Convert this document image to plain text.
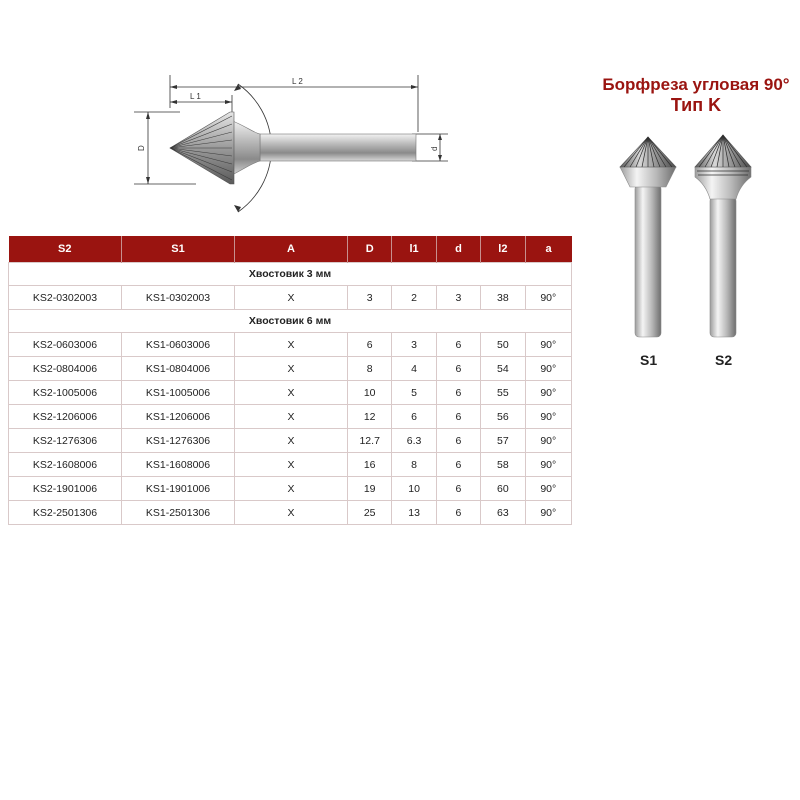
L 2
L 1
D	d
Борфреза угловая 90°
Тип K
S1	S2
S2	S1	A	D	l1	d	l2	a
Хвостовик 3 мм							
KS2-0302003	KS1-0302003	X	3	2	3	38	90°
Хвостовик 6 мм							
KS2-0603006	KS1-0603006	X	6	3	6	50	90°
KS2-0804006	KS1-0804006	X	8	4	6	54	90°
KS2-1005006	KS1-1005006	X	10	5	6	55	90°
KS2-1206006	KS1-1206006	X	12	6	6	56	90°
KS2-1276306	KS1-1276306	X	12.7	6.3	6	57	90°
KS2-1608006	KS1-1608006	X	16	8	6	58	90°
KS2-1901006	KS1-1901006	X	19	10	6	60	90°
KS2-2501306	KS1-2501306	X	25	13	6	63	90°
